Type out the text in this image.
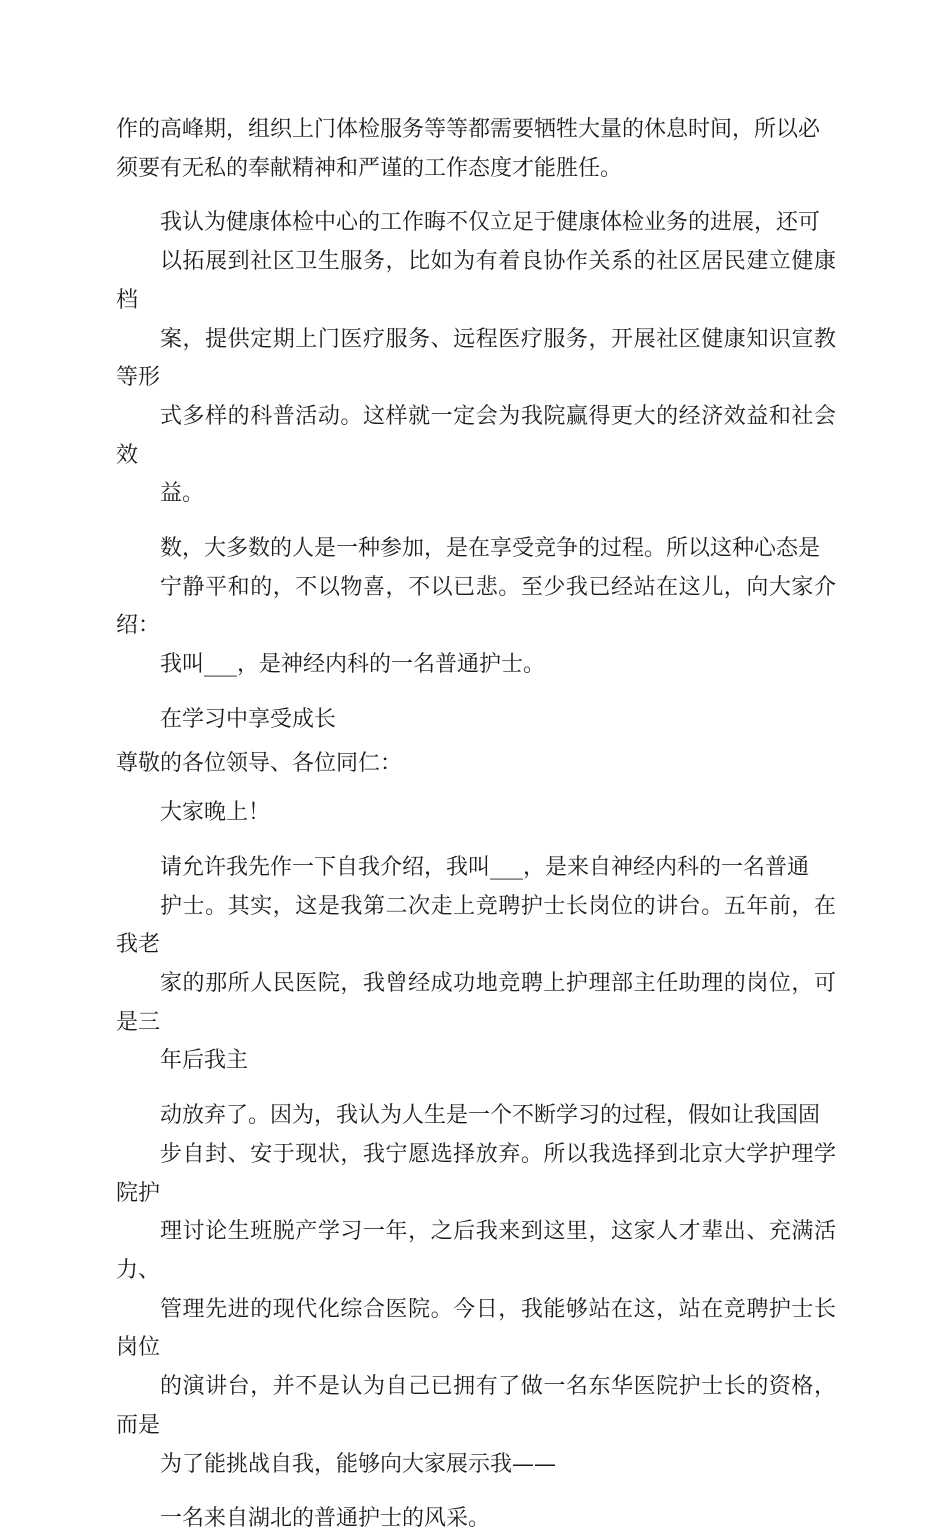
作的高峰期，组织上门体检服务等等都需要牺牲大量的休息时间，所以必
须要有无私的奉献精神和严谨的工作态度才能胜任。

我认为健康体检中心的工作晦不仅立足于健康体检业务的进展，还可
以拓展到社区卫生服务，比如为有着良协作关系的社区居民建立健康档
案，提供定期上门医疗服务、远程医疗服务，开展社区健康知识宣教等形
式多样的科普活动。这样就一定会为我院赢得更大的经济效益和社会效
益。

数，大多数的人是一种参加，是在享受竞争的过程。所以这种心态是
宁静平和的，不以物喜，不以已悲。至少我已经站在这儿，向大家介绍：
我叫___，是神经内科的一名普通护士。

在学习中享受成长

尊敬的各位领导、各位同仁：

大家晚上！

请允许我先作一下自我介绍，我叫___，是来自神经内科的一名普通
护士。其实，这是我第二次走上竞聘护士长岗位的讲台。五年前，在我老
家的那所人民医院，我曾经成功地竞聘上护理部主任助理的岗位，可是三
年后我主

动放弃了。因为，我认为人生是一个不断学习的过程，假如让我国固
步自封、安于现状，我宁愿选择放弃。所以我选择到北京大学护理学院护
理讨论生班脱产学习一年，之后我来到这里，这家人才辈出、充满活力、
管理先进的现代化综合医院。今日，我能够站在这，站在竞聘护士长岗位
的演讲台，并不是认为自己已拥有了做一名东华医院护士长的资格，而是
为了能挑战自我，能够向大家展示我——

一名来自湖北的普通护士的风采。
